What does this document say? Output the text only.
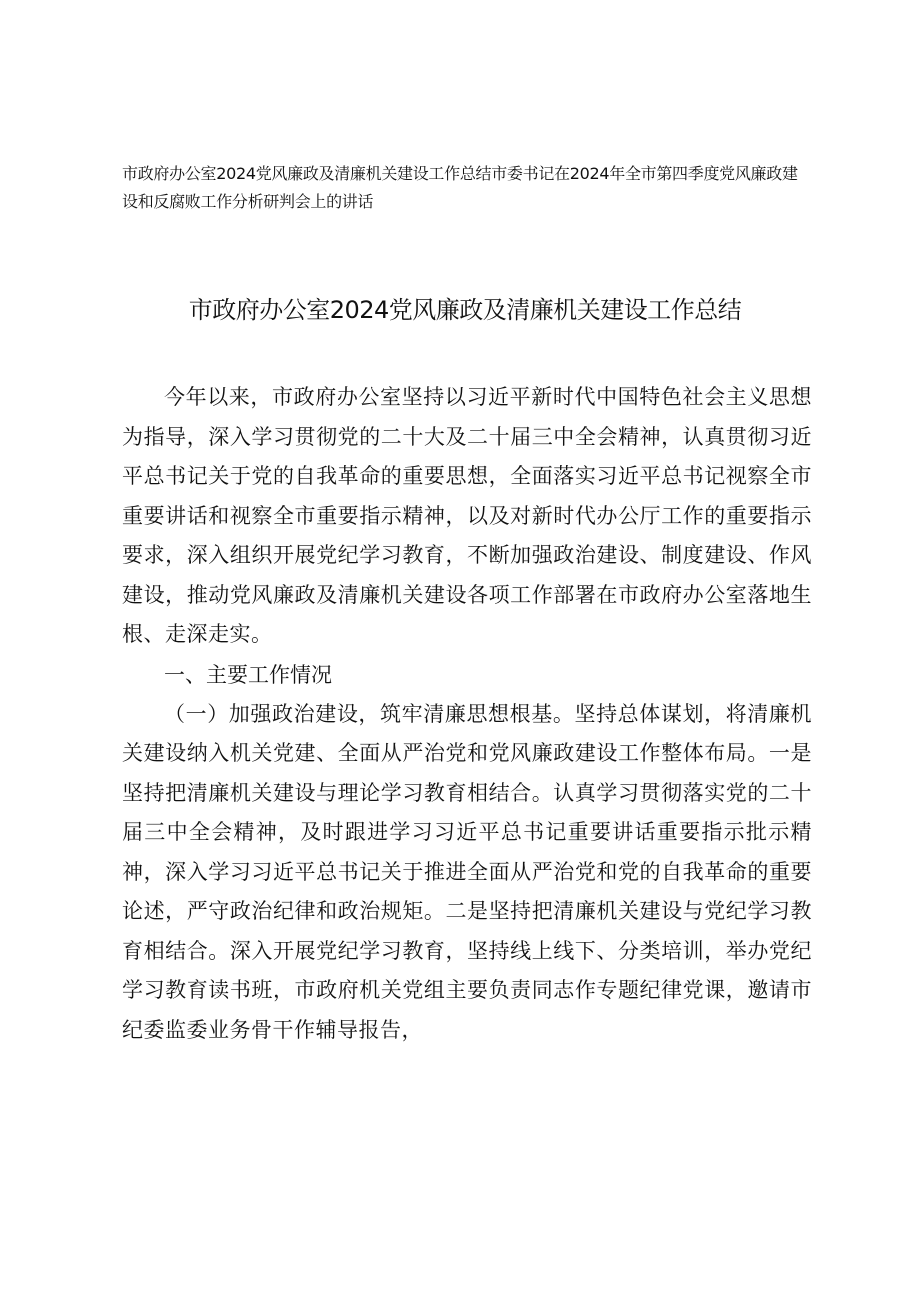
市政府办公室2024党风廉政及清廉机关建设工作总结市委书记在2024年全市第四季度党风廉政建设和反腐败工作分析研判会上的讲话
市政府办公室2024党风廉政及清廉机关建设工作总结

今年以来，市政府办公室坚持以习近平新时代中国特色社会主义思想为指导，深入学习贯彻党的二十大及二十届三中全会精神，认真贯彻习近平总书记关于党的自我革命的重要思想，全面落实习近平总书记视察全市重要讲话和视察全市重要指示精神，以及对新时代办公厅工作的重要指示要求，深入组织开展党纪学习教育，不断加强政治建设、制度建设、作风建设，推动党风廉政及清廉机关建设各项工作部署在市政府办公室落地生根、走深走实。

一、主要工作情况

（一）加强政治建设，筑牢清廉思想根基。坚持总体谋划，将清廉机关建设纳入机关党建、全面从严治党和党风廉政建设工作整体布局。一是坚持把清廉机关建设与理论学习教育相结合。认真学习贯彻落实党的二十届三中全会精神，及时跟进学习习近平总书记重要讲话重要指示批示精神，深入学习习近平总书记关于推进全面从严治党和党的自我革命的重要论述，严守政治纪律和政治规矩。二是坚持把清廉机关建设与党纪学习教育相结合。深入开展党纪学习教育，坚持线上线下、分类培训，举办党纪学习教育读书班，市政府机关党组主要负责同志作专题纪律党课，邀请市纪委监委业务骨干作辅导报告，
